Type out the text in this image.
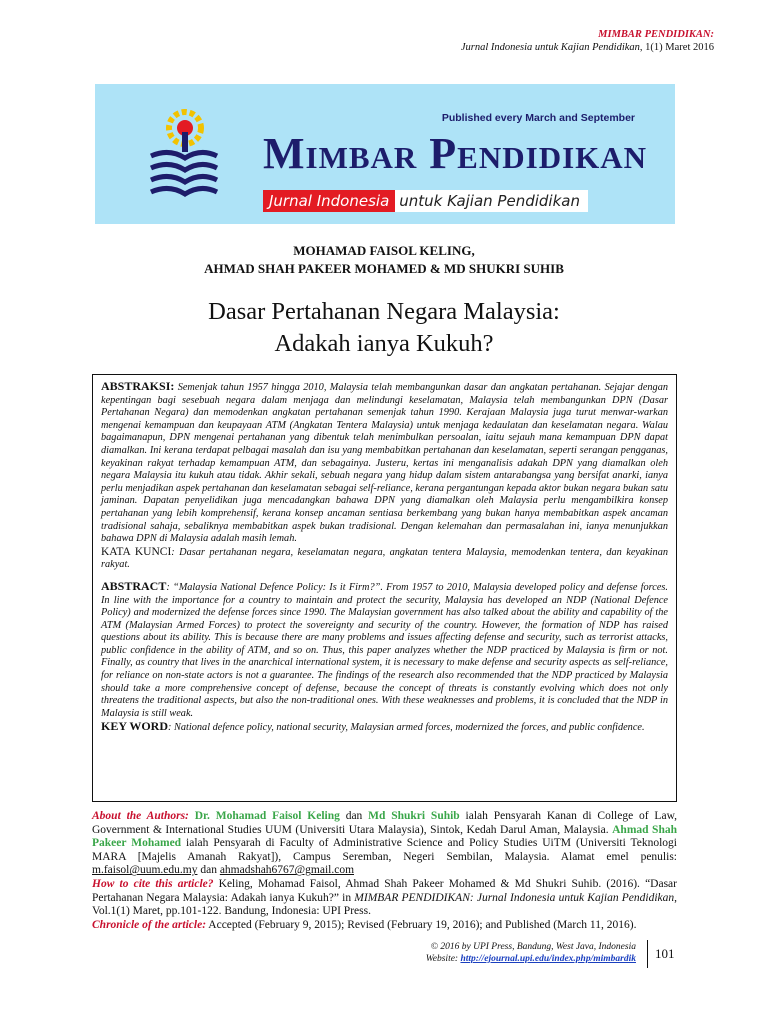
MIMBAR PENDIDIKAN:
Jurnal Indonesia untuk Kajian Pendidikan, 1(1) Maret 2016
Published every March and September
Mimbar Pendidikan
Jurnal Indonesia untuk Kajian Pendidikan
MOHAMAD FAISOL KELING,
AHMAD SHAH PAKEER MOHAMED & MD SHUKRI SUHIB
Dasar Pertahanan Negara Malaysia:
Adakah ianya Kukuh?

ABSTRAKSI: Semenjak tahun 1957 hingga 2010, Malaysia telah membangunkan dasar dan angkatan pertahanan. Sejajar dengan kepentingan bagi sesebuah negara dalam menjaga dan melindungi keselamatan, Malaysia telah membangunkan DPN (Dasar Pertahanan Negara) dan memodenkan angkatan pertahanan semenjak tahun 1990. Kerajaan Malaysia juga turut menwar-warkan mengenai kemampuan dan keupayaan ATM (Angkatan Tentera Malaysia) untuk menjaga kedaulatan dan keselamatan negara. Walau bagaimanapun, DPN mengenai pertahanan yang dibentuk telah menimbulkan persoalan, iaitu sejauh mana kemampuan DPN dapat diamalkan. Ini kerana terdapat pelbagai masalah dan isu yang membabitkan pertahanan dan keselamatan, seperti serangan pengganas, keyakinan rakyat terhadap kemampuan ATM, dan sebagainya. Justeru, kertas ini menganalisis adakah DPN yang diamalkan oleh negara Malaysia itu kukuh atau tidak. Akhir sekali, sebuah negara yang hidup dalam sistem antarabangsa yang bersifat anarki, ianya perlu menjadikan aspek pertahanan dan keselamatan sebagai self-reliance, kerana pergantungan kepada aktor bukan negara bukan satu jaminan. Dapatan penyelidikan juga mencadangkan bahawa DPN yang diamalkan oleh Malaysia perlu mengambilkira konsep pertahanan yang lebih komprehensif, kerana konsep ancaman sentiasa berkembang yang bukan hanya membabitkan aspek ancaman tradisional sahaja, sebaliknya membabitkan aspek bukan tradisional. Dengan kelemahan dan permasalahan ini, ianya menunjukkan bahawa DPN di Malaysia adalah masih lemah.

KATA KUNCI: Dasar pertahanan negara, keselamatan negara, angkatan tentera Malaysia, memodenkan tentera, dan keyakinan rakyat.

ABSTRACT: “Malaysia National Defence Policy: Is it Firm?”. From 1957 to 2010, Malaysia developed policy and defense forces. In line with the importance for a country to maintain and protect the security, Malaysia has developed an NDP (National Defence Policy) and modernized the defense forces since 1990. The Malaysian government has also talked about the ability and capability of the ATM (Malaysian Armed Forces) to protect the sovereignty and security of the country. However, the formation of NDP has raised questions about its ability. This is because there are many problems and issues affecting defense and security, such as terrorist attacks, public confidence in the ability of ATM, and so on. Thus, this paper analyzes whether the NDP practiced by Malaysia is firm or not. Finally, as country that lives in the anarchical international system, it is necessary to make defense and security aspects as self-reliance, for reliance on non-state actors is not a guarantee. The findings of the research also recommended that the NDP practiced by Malaysia should take a more comprehensive concept of defense, because the concept of threats is constantly evolving which does not only threatens the traditional aspects, but also the non-traditional ones. With these weaknesses and problems, it is concluded that the NDP in Malaysia is still weak.

KEY WORD: National defence policy, national security, Malaysian armed forces, modernized the forces, and public confidence.

About the Authors: Dr. Mohamad Faisol Keling dan Md Shukri Suhib ialah Pensyarah Kanan di College of Law, Government & International Studies UUM (Universiti Utara Malaysia), Sintok, Kedah Darul Aman, Malaysia. Ahmad Shah Pakeer Mohamed ialah Pensyarah di Faculty of Administrative Science and Policy Studies UiTM (Universiti Teknologi MARA [Majelis Amanah Rakyat]), Campus Seremban, Negeri Sembilan, Malaysia. Alamat emel penulis: m.faisol@uum.edu.my dan ahmadshah6767@gmail.com

How to cite this article? Keling, Mohamad Faisol, Ahmad Shah Pakeer Mohamed & Md Shukri Suhib. (2016). “Dasar Pertahanan Negara Malaysia: Adakah ianya Kukuh?” in MIMBAR PENDIDIKAN: Jurnal Indonesia untuk Kajian Pendidikan, Vol.1(1) Maret, pp.101-122. Bandung, Indonesia: UPI Press.

Chronicle of the article: Accepted (February 9, 2015); Revised (February 19, 2016); and Published (March 11, 2016).

© 2016 by UPI Press, Bandung, West Java, Indonesia
Website: http://ejournal.upi.edu/index.php/mimbardik 101
